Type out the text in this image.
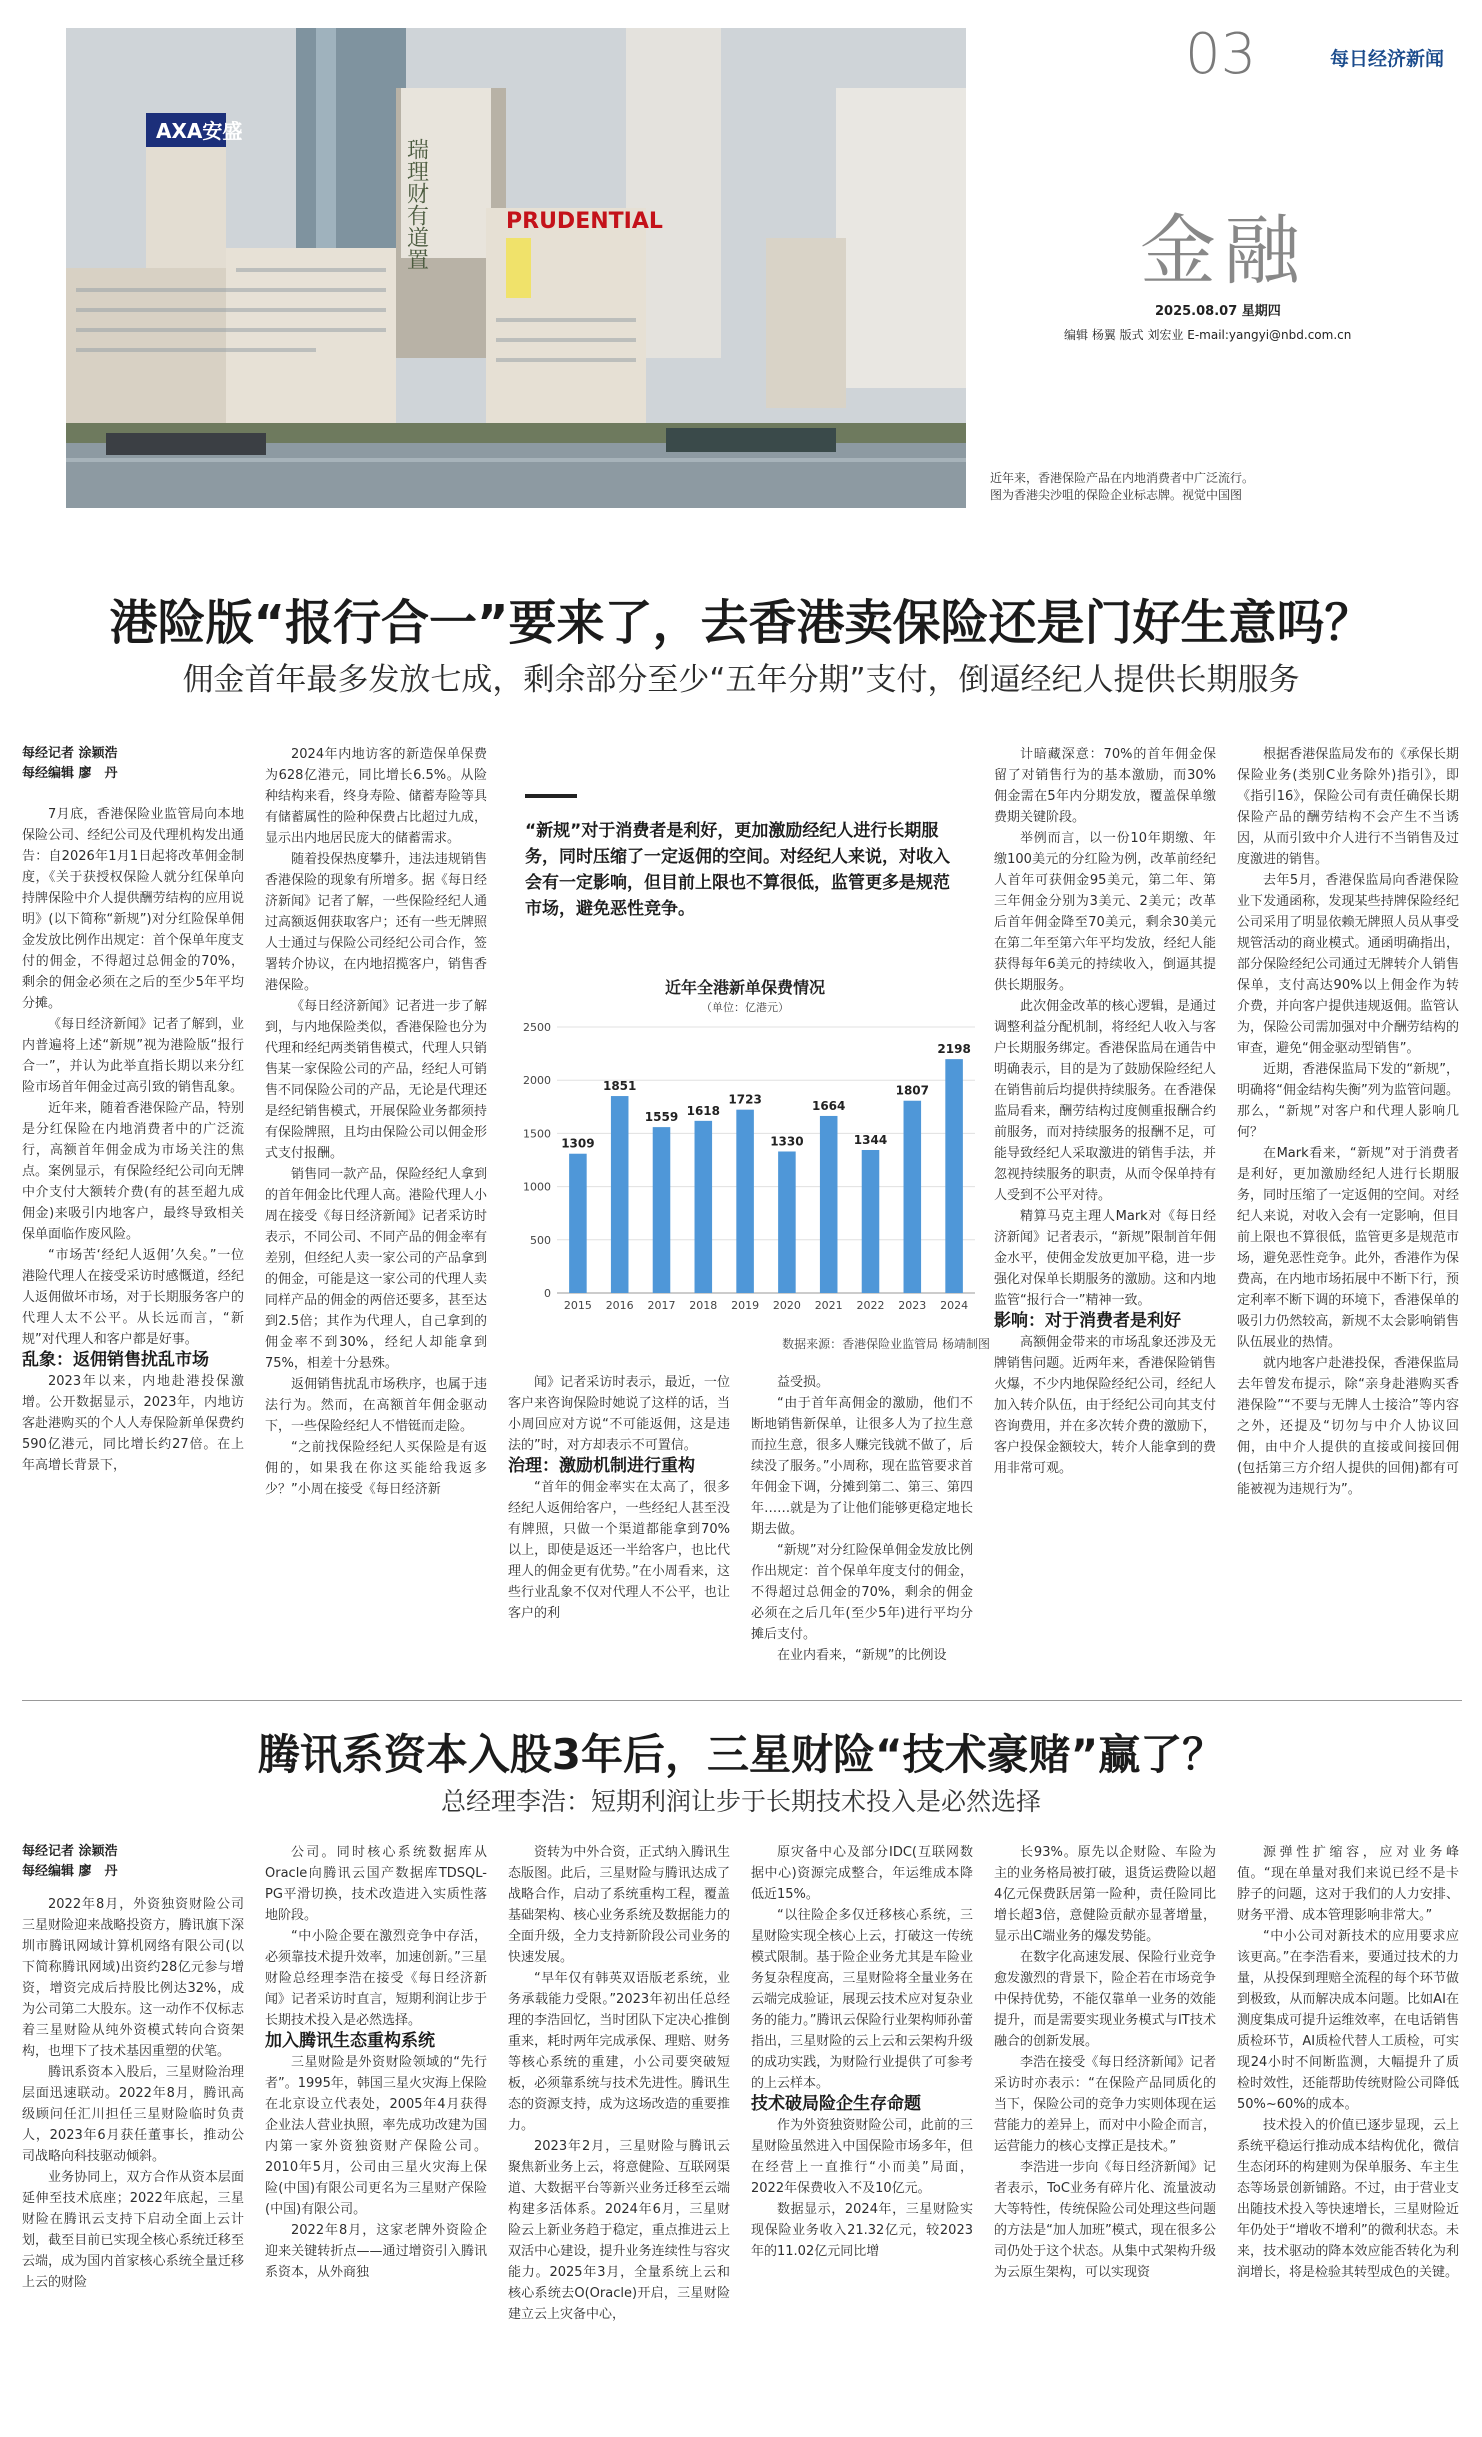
03	每日经济新闻
金融
2025.08.07 星期四
编辑 杨翼 版式 刘宏业 E-mail:yangyi@nbd.com.cn
AXA安盛
瑞理财有道置	PRUDENTIAL
近年来，香港保险产品在内地消费者中广泛流行。图为香港尖沙咀的保险企业标志牌。视觉中国图
港险版“报行合一”要来了，去香港卖保险还是门好生意吗？
佣金首年最多发放七成，剩余部分至少“五年分期”支付，倒逼经纪人提供长期服务
每经记者 涂颖浩
每经编辑 廖　丹

7月底，香港保险业监管局向本地保险公司、经纪公司及代理机构发出通告：自2026年1月1日起将改革佣金制度，《关于获授权保险人就分红保单向持牌保险中介人提供酬劳结构的应用说明》(以下简称“新规”)对分红险保单佣金发放比例作出规定：首个保单年度支付的佣金，不得超过总佣金的70%，剩余的佣金必须在之后的至少5年平均分摊。

《每日经济新闻》记者了解到，业内普遍将上述“新规”视为港险版“报行合一”，并认为此举直指长期以来分红险市场首年佣金过高引致的销售乱象。

近年来，随着香港保险产品，特别是分红保险在内地消费者中的广泛流行，高额首年佣金成为市场关注的焦点。案例显示，有保险经纪公司向无牌中介支付大额转介费(有的甚至超九成佣金)来吸引内地客户，最终导致相关保单面临作废风险。

“市场苦‘经纪人返佣’久矣。”一位港险代理人在接受采访时感慨道，经纪人返佣做坏市场，对于长期服务客户的代理人太不公平。从长远而言，“新规”对代理人和客户都是好事。

乱象：返佣销售扰乱市场

2023年以来，内地赴港投保激增。公开数据显示，2023年，内地访客赴港购买的个人人寿保险新单保费约590亿港元，同比增长约27倍。在上年高增长背景下，

2024年内地访客的新造保单保费为628亿港元，同比增长6.5%。从险种结构来看，终身寿险、储蓄寿险等具有储蓄属性的险种保费占比超过九成，显示出内地居民庞大的储蓄需求。

随着投保热度攀升，违法违规销售香港保险的现象有所增多。据《每日经济新闻》记者了解，一些保险经纪人通过高额返佣获取客户；还有一些无牌照人士通过与保险公司经纪公司合作，签署转介协议，在内地招揽客户，销售香港保险。

《每日经济新闻》记者进一步了解到，与内地保险类似，香港保险也分为代理和经纪两类销售模式，代理人只销售某一家保险公司的产品，经纪人可销售不同保险公司的产品，无论是代理还是经纪销售模式，开展保险业务都须持有保险牌照，且均由保险公司以佣金形式支付报酬。

销售同一款产品，保险经纪人拿到的首年佣金比代理人高。港险代理人小周在接受《每日经济新闻》记者采访时表示，不同公司、不同产品的佣金率有差别，但经纪人卖一家公司的产品拿到的佣金，可能是这一家公司的代理人卖同样产品的佣金的两倍还要多，甚至达到2.5倍；其作为代理人，自己拿到的佣金率不到30%，经纪人却能拿到75%，相差十分悬殊。

返佣销售扰乱市场秩序，也属于违法行为。然而，在高额首年佣金驱动下，一些保险经纪人不惜铤而走险。

“之前找保险经纪人买保险是有返佣的，如果我在你这买能给我返多少？”小周在接受《每日经济新

“新规”对于消费者是利好，更加激励经纪人进行长期服务，同时压缩了一定返佣的空间。对经纪人来说，对收入会有一定影响，但目前上限也不算很低，监管更多是规范市场，避免恶性竞争。
近年全港新单保费情况
（单位：亿港元）
0
500
1000
1500
2000
2500
1309
2015
1851
2016
1559
2017
1618
2018
1723
2019
1330
2020
1664
2021
1344
2022
1807
2023
2198
2024
数据来源：香港保险业监管局 杨靖制图

闻》记者采访时表示，最近，一位客户来咨询保险时她说了这样的话，当小周回应对方说“不可能返佣，这是违法的”时，对方却表示不可置信。

治理：激励机制进行重构

“首年的佣金率实在太高了，很多经纪人返佣给客户，一些经纪人甚至没有牌照，只做一个渠道都能拿到70%以上，即使是返还一半给客户，也比代理人的佣金更有优势。”在小周看来，这些行业乱象不仅对代理人不公平，也让客户的利

益受损。

“由于首年高佣金的激励，他们不断地销售新保单，让很多人为了拉生意而拉生意，很多人赚完钱就不做了，后续没了服务。”小周称，现在监管要求首年佣金下调，分摊到第二、第三、第四年……就是为了让他们能够更稳定地长期去做。

“新规”对分红险保单佣金发放比例作出规定：首个保单年度支付的佣金，不得超过总佣金的70%，剩余的佣金必须在之后几年(至少5年)进行平均分摊后支付。

在业内看来，“新规”的比例设

计暗藏深意：70%的首年佣金保留了对销售行为的基本激励，而30%佣金需在5年内分期发放，覆盖保单缴费期关键阶段。

举例而言，以一份10年期缴、年缴100美元的分红险为例，改革前经纪人首年可获佣金95美元，第二年、第三年佣金分别为3美元、2美元；改革后首年佣金降至70美元，剩余30美元在第二年至第六年平均发放，经纪人能获得每年6美元的持续收入，倒逼其提供长期服务。

此次佣金改革的核心逻辑，是通过调整利益分配机制，将经纪人收入与客户长期服务绑定。香港保监局在通告中明确表示，目的是为了鼓励保险经纪人在销售前后均提供持续服务。在香港保监局看来，酬劳结构过度侧重报酬合约前服务，而对持续服务的报酬不足，可能导致经纪人采取激进的销售手法，并忽视持续服务的职责，从而令保单持有人受到不公平对待。

精算马克主理人Mark对《每日经济新闻》记者表示，“新规”限制首年佣金水平，使佣金发放更加平稳，进一步强化对保单长期服务的激励。这和内地监管“报行合一”精神一致。

影响：对于消费者是利好

高额佣金带来的市场乱象还涉及无牌销售问题。近两年来，香港保险销售火爆，不少内地保险经纪公司，经纪人加入转介队伍，由于经纪公司向其支付咨询费用，并在多次转介费的激励下，客户投保金额较大，转介人能拿到的费用非常可观。

根据香港保监局发布的《承保长期保险业务(类别C业务除外)指引》，即《指引16》，保险公司有责任确保长期保险产品的酬劳结构不会产生不当诱因，从而引致中介人进行不当销售及过度激进的销售。

去年5月，香港保监局向香港保险业下发通函称，发现某些持牌保险经纪公司采用了明显依赖无牌照人员从事受规管活动的商业模式。通函明确指出，部分保险经纪公司通过无牌转介人销售保单，支付高达90%以上佣金作为转介费，并向客户提供违规返佣。监管认为，保险公司需加强对中介酬劳结构的审查，避免“佣金驱动型销售”。

近期，香港保监局下发的“新规”，明确将“佣金结构失衡”列为监管问题。那么，“新规”对客户和代理人影响几何？

在Mark看来，“新规”对于消费者是利好，更加激励经纪人进行长期服务，同时压缩了一定返佣的空间。对经纪人来说，对收入会有一定影响，但目前上限也不算很低，监管更多是规范市场，避免恶性竞争。此外，香港作为保费高，在内地市场拓展中不断下行，预定利率不断下调的环境下，香港保单的吸引力仍然较高，新规不太会影响销售队伍展业的热情。

就内地客户赴港投保，香港保监局去年曾发布提示，除“亲身赴港购买香港保险”“不要与无牌人士接洽”等内容之外，还提及“切勿与中介人协议回佣，由中介人提供的直接或间接回佣(包括第三方介绍人提供的回佣)都有可能被视为违规行为”。

腾讯系资本入股3年后，三星财险“技术豪赌”赢了？
总经理李浩：短期利润让步于长期技术投入是必然选择
每经记者 涂颖浩
每经编辑 廖　丹

2022年8月，外资独资财险公司三星财险迎来战略投资方，腾讯旗下深圳市腾讯网域计算机网络有限公司(以下简称腾讯网域)出资约28亿元参与增资，增资完成后持股比例达32%，成为公司第二大股东。这一动作不仅标志着三星财险从纯外资模式转向合资架构，也埋下了技术基因重塑的伏笔。

腾讯系资本入股后，三星财险治理层面迅速联动。2022年8月，腾讯高级顾问任汇川担任三星财险临时负责人，2023年6月获任董事长，推动公司战略向科技驱动倾斜。

业务协同上，双方合作从资本层面延伸至技术底座；2022年底起，三星财险在腾讯云支持下启动全面上云计划，截至目前已实现全核心系统迁移至云端，成为国内首家核心系统全量迁移上云的财险

公司。同时核心系统数据库从Oracle向腾讯云国产数据库TDSQL-PG平滑切换，技术改造进入实质性落地阶段。

“中小险企要在激烈竞争中存活，必须靠技术提升效率，加速创新。”三星财险总经理李浩在接受《每日经济新闻》记者采访时直言，短期利润让步于长期技术投入是必然选择。

加入腾讯生态重构系统

三星财险是外资财险领域的“先行者”。1995年，韩国三星火灾海上保险在北京设立代表处，2005年4月获得企业法人营业执照，率先成功改建为国内第一家外资独资财产保险公司。2010年5月，公司由三星火灾海上保险(中国)有限公司更名为三星财产保险(中国)有限公司。

2022年8月，这家老牌外资险企迎来关键转折点——通过增资引入腾讯系资本，从外商独

资转为中外合资，正式纳入腾讯生态版图。此后，三星财险与腾讯达成了战略合作，启动了系统重构工程，覆盖基础架构、核心业务系统及数据能力的全面升级，全力支持新阶段公司业务的快速发展。

“早年仅有韩英双语版老系统，业务承载能力受限。”2023年初出任总经理的李浩回忆，当时团队下定决心推倒重来，耗时两年完成承保、理赔、财务等核心系统的重建，小公司要突破短板，必须靠系统与技术先进性。腾讯生态的资源支持，成为这场改造的重要推力。

2023年2月，三星财险与腾讯云聚焦新业务上云，将意健险、互联网渠道、大数据平台等新兴业务迁移至云端构建多活体系。2024年6月，三星财险云上新业务趋于稳定，重点推进云上双活中心建设，提升业务连续性与容灾能力。2025年3月，全量系统上云和核心系统去O(Oracle)开启，三星财险建立云上灾备中心，

原灾备中心及部分IDC(互联网数据中心)资源完成整合，年运维成本降低近15%。

“以往险企多仅迁移核心系统，三星财险实现全核心上云，打破这一传统模式限制。基于险企业务尤其是车险业务复杂程度高，三星财险将全量业务在云端完成验证，展现云技术应对复杂业务的能力。”腾讯云保险行业架构师孙蕾指出，三星财险的云上云和云架构升级的成功实践，为财险行业提供了可参考的上云样本。

技术破局险企生存命题

作为外资独资财险公司，此前的三星财险虽然进入中国保险市场多年，但在经营上一直推行“小而美”局面，2022年保费收入不及10亿元。

数据显示，2024年，三星财险实现保险业务收入21.32亿元，较2023年的11.02亿元同比增

长93%。原先以企财险、车险为主的业务格局被打破，退货运费险以超4亿元保费跃居第一险种，责任险同比增长超3倍，意健险贡献亦显著增量，显示出C端业务的爆发势能。

在数字化高速发展、保险行业竞争愈发激烈的背景下，险企若在市场竞争中保持优势，不能仅靠单一业务的效能提升，而是需要实现业务模式与IT技术融合的创新发展。

李浩在接受《每日经济新闻》记者采访时亦表示：“在保险产品同质化的当下，保险公司的竞争力实则体现在运营能力的差异上，而对中小险企而言，运营能力的核心支撑正是技术。”

李浩进一步向《每日经济新闻》记者表示，ToC业务有碎片化、流量波动大等特性，传统保险公司处理这些问题的方法是“加人加班”模式，现在很多公司仍处于这个状态。从集中式架构升级为云原生架构，可以实现资

源弹性扩缩容，应对业务峰值。“现在单量对我们来说已经不是卡脖子的问题，这对于我们的人力安排、财务平滑、成本管理影响非常大。”

“中小公司对新技术的应用要求应该更高。”在李浩看来，要通过技术的力量，从投保到理赔全流程的每个环节做到极致，从而解决成本问题。比如AI在测度集成可提升运维效率，在电话销售质检环节，AI质检代替人工质检，可实现24小时不间断监测，大幅提升了质检时效性，还能帮助传统财险公司降低50%~60%的成本。

技术投入的价值已逐步显现，云上系统平稳运行推动成本结构优化，微信生态闭环的构建则为保单服务、车主生态等场景创新铺路。不过，由于营业支出随技术投入等快速增长，三星财险近年仍处于“增收不增利”的微利状态。未来，技术驱动的降本效应能否转化为利润增长，将是检验其转型成色的关键。
